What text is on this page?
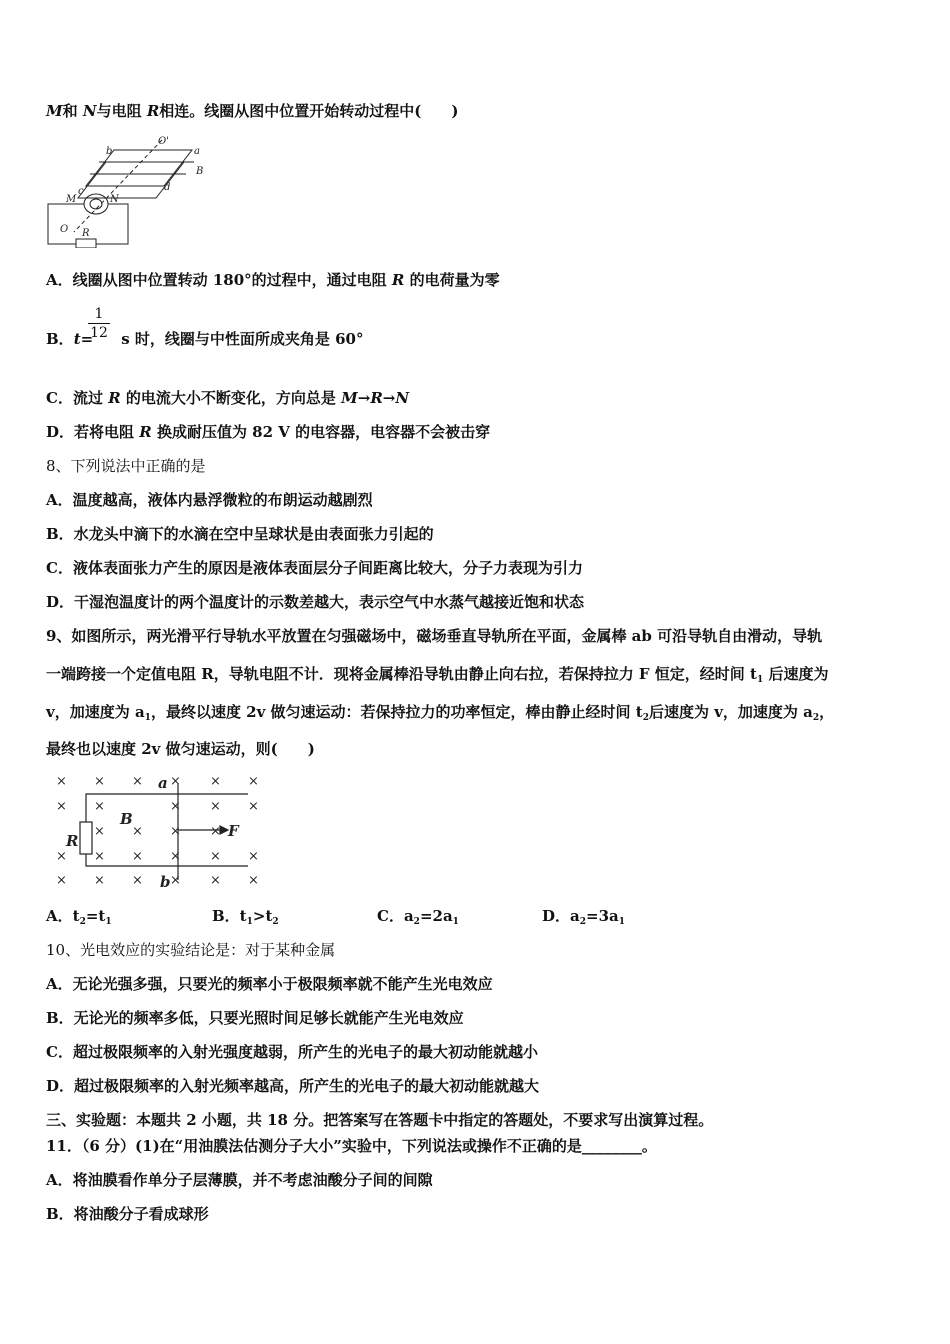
M和 N与电阻 R相连。线圈从图中位置开始转动过程中(　　)
O'
a
b
B
c	d
M	N
O R
A．线圈从图中位置转动 180°的过程中，通过电阻 R 的电荷量为零
$\frac{1}{12}$
B．t= s 时，线圈与中性面所成夹角是 60°
C．流过 R 的电流大小不断变化，方向总是 M→R→N
D．若将电阻 R 换成耐压值为 82 V 的电容器，电容器不会被击穿
8、下列说法中正确的是
A．温度越高，液体内悬浮微粒的布朗运动越剧烈
B．水龙头中滴下的水滴在空中呈球状是由表面张力引起的
C．液体表面张力产生的原因是液体表面层分子间距离比较大，分子力表现为引力
D．干湿泡温度计的两个温度计的示数差越大，表示空气中水蒸气越接近饱和状态
9、如图所示，两光滑平行导轨水平放置在匀强磁场中，磁场垂直导轨所在平面，金属棒 ab 可沿导轨自由滑动，导轨
一端跨接一个定值电阻 R，导轨电阻不计．现将金属棒沿导轨由静止向右拉，若保持拉力 F 恒定，经时间 $t_1$ 后速度为
v，加速度为 $a_1$，最终以速度 2v 做匀速运动：若保持拉力的功率恒定，棒由静止经时间 $t_2$后速度为 v，加速度为 $a_2$，
最终也以速度 2v 做匀速运动，则(　　)
× × × × × ×
× ×	× × ×
× × × ×
× × × × × ×
× × × × × ×
a
b
B
R
F
A．$t_2=t_1$	B．$t_1>t_2$	C．$a_2=2a_1$	D．$a_2=3a_1$
10、光电效应的实验结论是：对于某种金属
A．无论光强多强，只要光的频率小于极限频率就不能产生光电效应
B．无论光的频率多低，只要光照时间足够长就能产生光电效应
C．超过极限频率的入射光强度越弱，所产生的光电子的最大初动能就越小
D．超过极限频率的入射光频率越高，所产生的光电子的最大初动能就越大
三、实验题：本题共 2 小题，共 18 分。把答案写在答题卡中指定的答题处，不要求写出演算过程。
11．（6 分）(1)在“用油膜法估测分子大小”实验中，下列说法或操作不正确的是________。
A．将油膜看作单分子层薄膜，并不考虑油酸分子间的间隙
B．将油酸分子看成球形
